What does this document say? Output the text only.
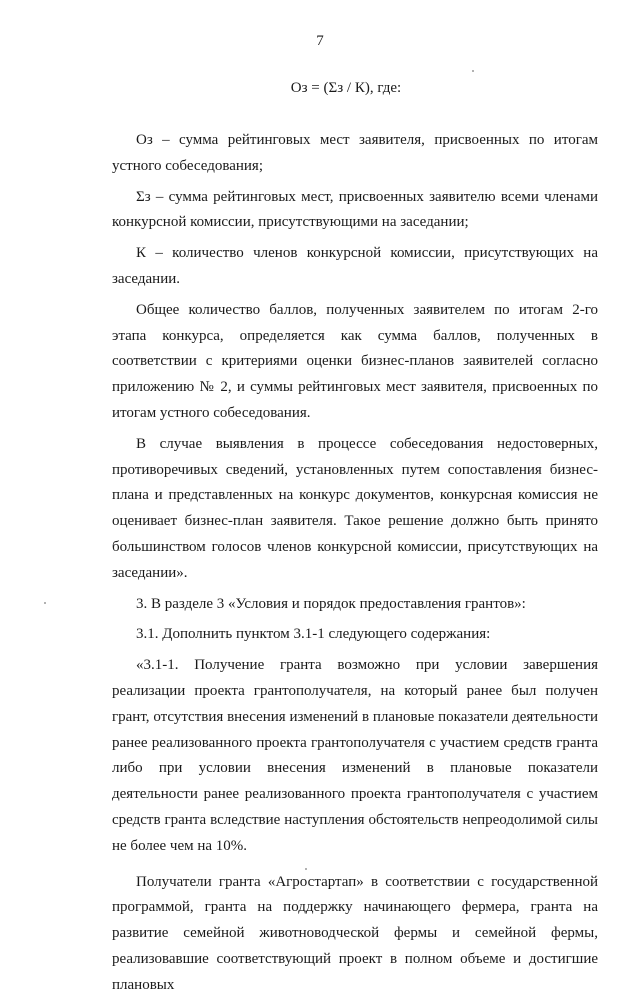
7
Оз = (Σз / К), где:

Оз – сумма рейтинговых мест заявителя, присвоенных по итогам устного собеседования;

Σз – сумма рейтинговых мест, присвоенных заявителю всеми членами конкурсной комиссии, присутствующими на заседании;

К – количество членов конкурсной комиссии, присутствующих на заседании.

Общее количество баллов, полученных заявителем по итогам 2-го этапа конкурса, определяется как сумма баллов, полученных в соответствии с критериями оценки бизнес-планов заявителей согласно приложению № 2, и суммы рейтинговых мест заявителя, присвоенных по итогам устного собеседования.

В случае выявления в процессе собеседования недостоверных, противоречивых сведений, установленных путем сопоставления бизнес-плана и представленных на конкурс документов, конкурсная комиссия не оценивает бизнес-план заявителя. Такое решение должно быть принято большинством голосов членов конкурсной комиссии, присутствующих на заседании».

3. В разделе 3 «Условия и порядок предоставления грантов»:

3.1. Дополнить пунктом 3.1-1 следующего содержания:

«3.1-1. Получение гранта возможно при условии завершения реализации проекта грантополучателя, на который ранее был получен грант, отсутствия внесения изменений в плановые показатели деятельности ранее реализованного проекта грантополучателя с участием средств гранта либо при условии внесения изменений в плановые показатели деятельности ранее реализованного проекта грантополучателя с участием средств гранта вследствие наступления обстоятельств непреодолимой силы не более чем на 10%.

Получатели гранта «Агростартап» в соответствии с государственной программой, гранта на поддержку начинающего фермера, гранта на развитие семейной животноводческой фермы и семейной фермы, реализовавшие соответствующий проект в полном объеме и достигшие плановых
